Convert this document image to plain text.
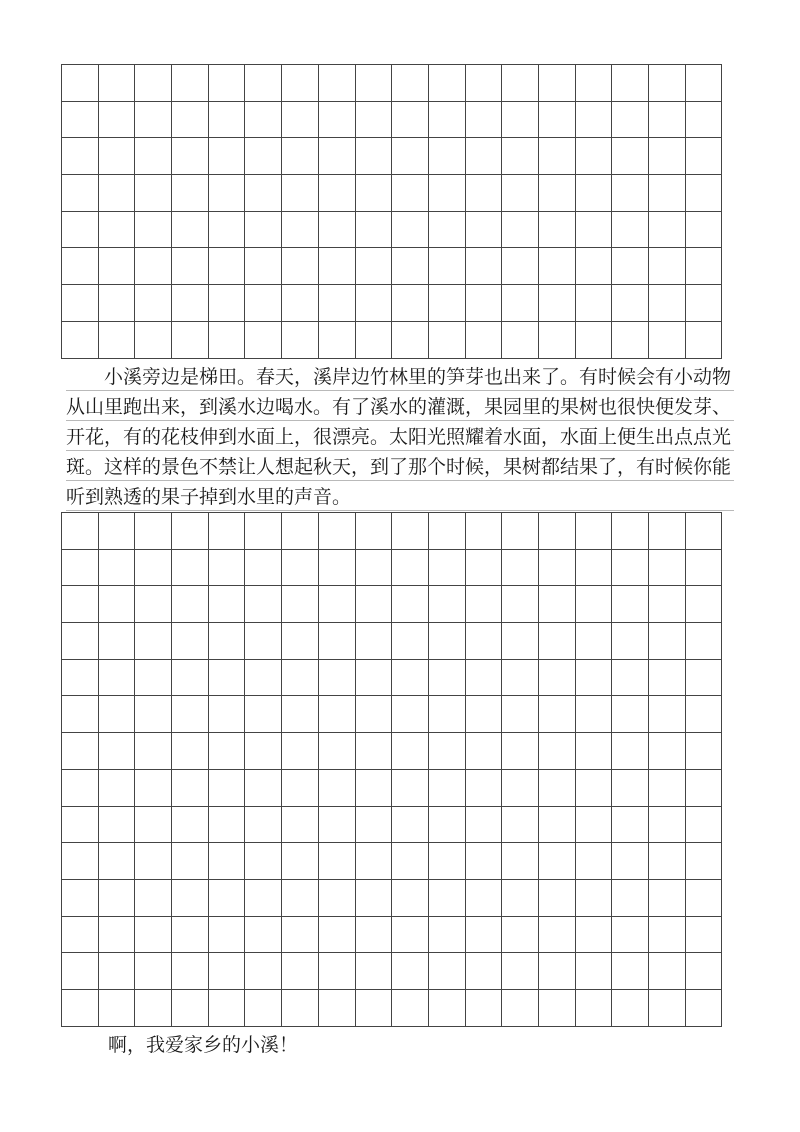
　　小溪旁边是梯田。春天，溪岸边竹林里的笋芽也出来了。有时候会有小动物
从山里跑出来，到溪水边喝水。有了溪水的灌溉，果园里的果树也很快便发芽、
开花，有的花枝伸到水面上，很漂亮。太阳光照耀着水面，水面上便生出点点光
斑。这样的景色不禁让人想起秋天，到了那个时候，果树都结果了，有时候你能
听到熟透的果子掉到水里的声音。

啊，我爱家乡的小溪！
